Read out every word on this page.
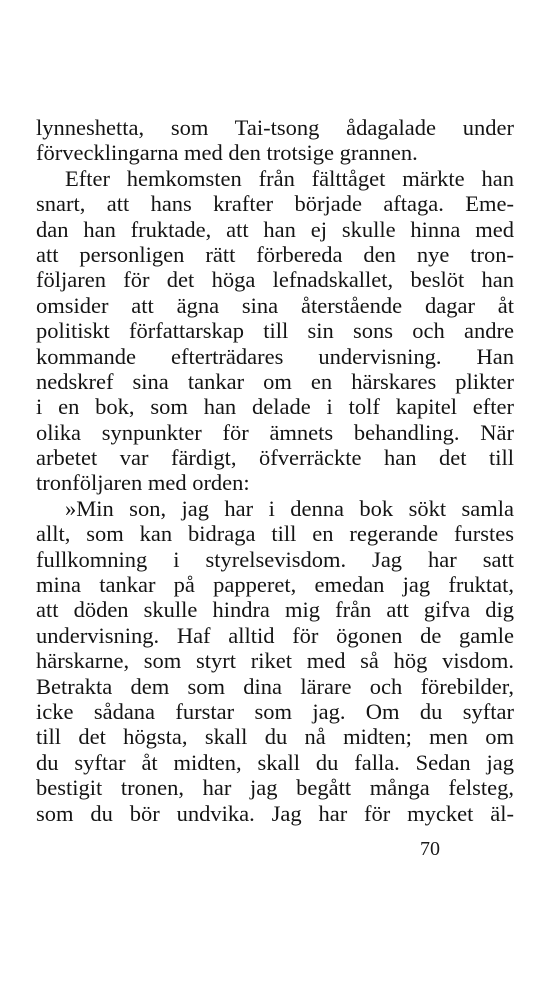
lynneshetta, som Tai-tsong ådagalade under
förvecklingarna med den trotsige grannen.
Efter hemkomsten från fälttåget märkte han
snart, att hans krafter började aftaga. Eme-
dan han fruktade, att han ej skulle hinna med
att personligen rätt förbereda den nye tron-
följaren för det höga lefnadskallet, beslöt han
omsider att ägna sina återstående dagar åt
politiskt författarskap till sin sons och andre
kommande efterträdares undervisning. Han
nedskref sina tankar om en härskares plikter
i en bok, som han delade i tolf kapitel efter
olika synpunkter för ämnets behandling. När
arbetet var färdigt, öfverräckte han det till
tronföljaren med orden:
»Min son, jag har i denna bok sökt samla
allt, som kan bidraga till en regerande furstes
fullkomning i styrelsevisdom. Jag har satt
mina tankar på papperet, emedan jag fruktat,
att döden skulle hindra mig från att gifva dig
undervisning. Haf alltid för ögonen de gamle
härskarne, som styrt riket med så hög visdom.
Betrakta dem som dina lärare och förebilder,
icke sådana furstar som jag. Om du syftar
till det högsta, skall du nå midten; men om
du syftar åt midten, skall du falla. Sedan jag
bestigit tronen, har jag begått många felsteg,
som du bör undvika. Jag har för mycket äl-
70
